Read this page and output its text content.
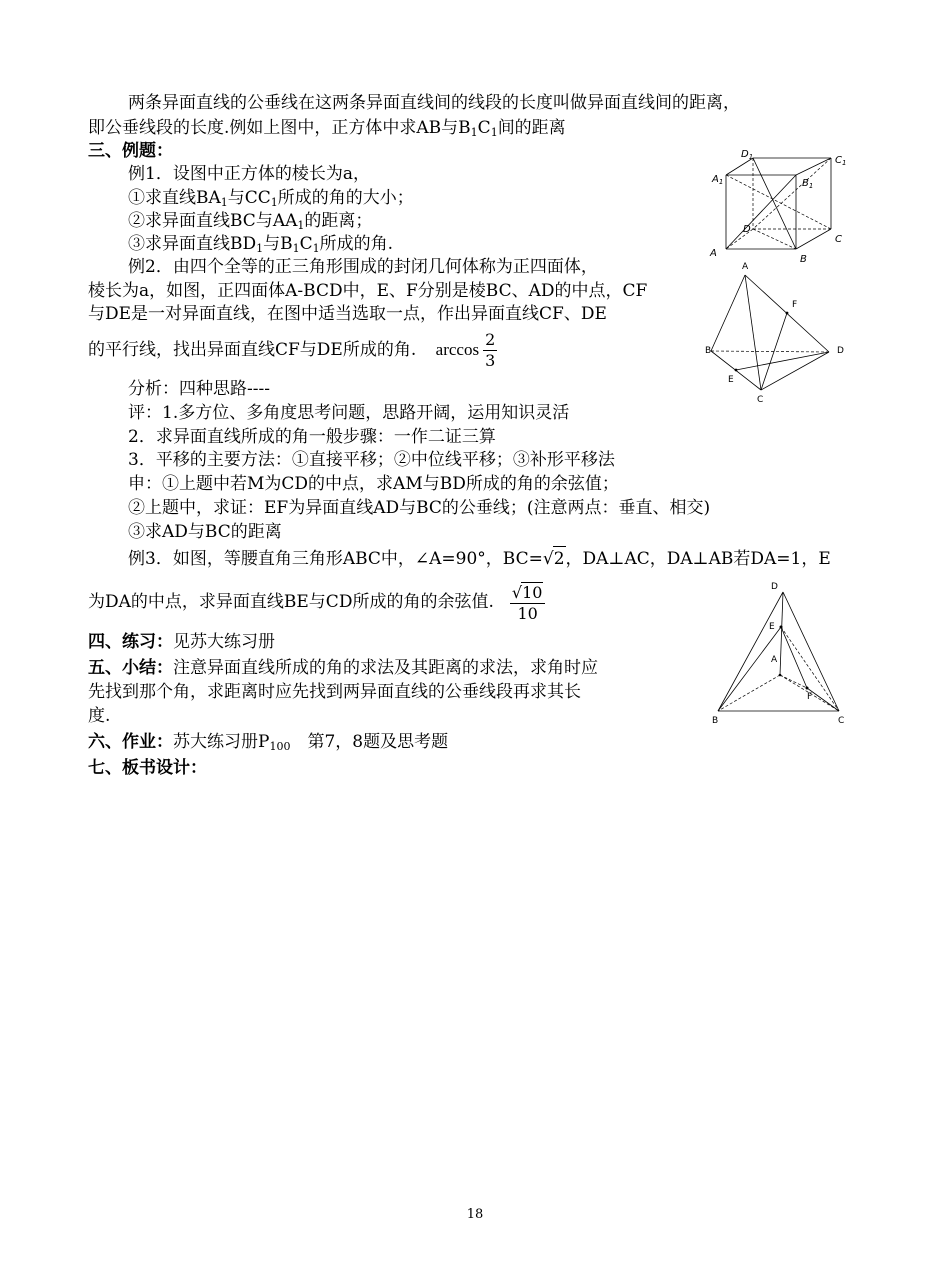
两条异面直线的公垂线在这两条异面直线间的线段的长度叫做异面直线间的距离，
即公垂线段的长度.例如上图中，正方体中求AB与$B_1C_1$间的距离
三、例题：
例1．设图中正方体的棱长为a，
①求直线$BA_1$与$CC_1$所成的角的大小；
②求异面直线BC与$AA_1$的距离；
③求异面直线$BD_1$与$B_1C_1$所成的角.
例2．由四个全等的正三角形围成的封闭几何体称为正四面体，
棱长为a，如图，正四面体A-BCD中，E、F分别是棱BC、AD的中点，CF
与DE是一对异面直线，在图中适当选取一点，作出异面直线CF、DE
的平行线，找出异面直线CF与DE所成的角. $\arccos \frac{2}{3}$
分析：四种思路----
评：1.多方位、多角度思考问题，思路开阔，运用知识灵活
2．求异面直线所成的角一般步骤：一作二证三算
3．平移的主要方法：①直接平移；②中位线平移；③补形平移法
申：①上题中若M为CD的中点，求AM与BD所成的角的余弦值；
②上题中，求证：EF为异面直线AD与BC的公垂线；(注意两点：垂直、相交)
③求AD与BC的距离
例3．如图，等腰直角三角形ABC中，∠A=90°，BC=√2，DA⊥AC，DA⊥AB若DA=1，E
为DA的中点，求异面直线BE与CD所成的角的余弦值. $\frac{√10}{10}$
四、练习：见苏大练习册
五、小结：注意异面直线所成的角的求法及其距离的求法，求角时应
先找到那个角，求距离时应先找到两异面直线的公垂线段再求其长
度.
六、作业：苏大练习册$P_{100}$　第7，8题及思考题
七、板书设计：
$D_1$	$C_1$
$A_1$	$B_1$
D
C
A
B
A
F
B	D
E
C
D
E
A
F
B	C
18
